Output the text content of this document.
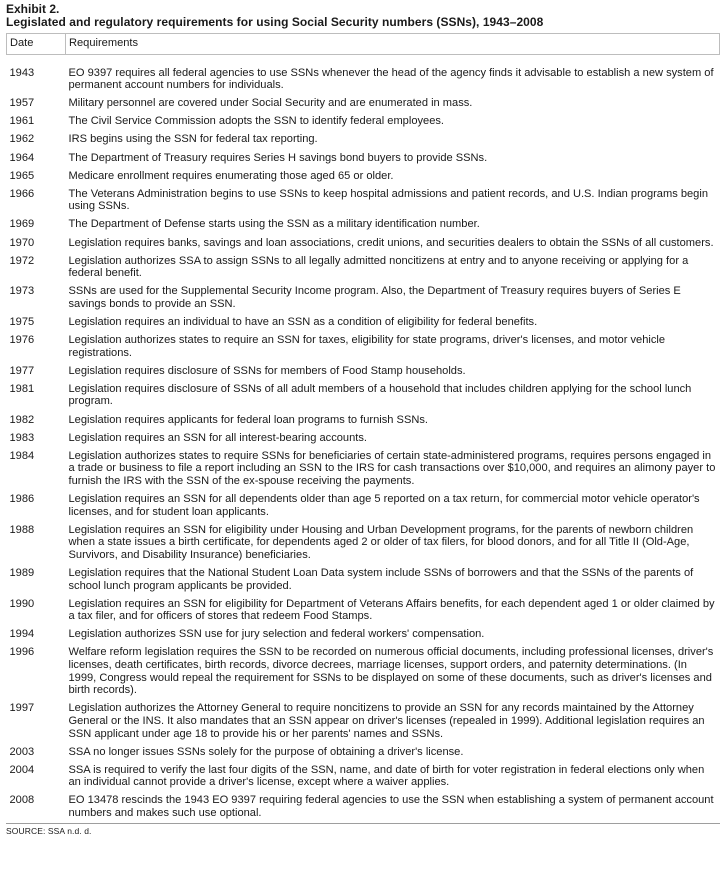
Exhibit 2.
Legislated and regulatory requirements for using Social Security numbers (SSNs), 1943–2008
Date	Requirements
1943	EO 9397 requires all federal agencies to use SSNs whenever the head of the agency finds it advisable to establish a new system of permanent account numbers for individuals.
1957	Military personnel are covered under Social Security and are enumerated in mass.
1961	The Civil Service Commission adopts the SSN to identify federal employees.
1962	IRS begins using the SSN for federal tax reporting.
1964	The Department of Treasury requires Series H savings bond buyers to provide SSNs.
1965	Medicare enrollment requires enumerating those aged 65 or older.
1966	The Veterans Administration begins to use SSNs to keep hospital admissions and patient records, and U.S. Indian programs begin using SSNs.
1969	The Department of Defense starts using the SSN as a military identification number.
1970	Legislation requires banks, savings and loan associations, credit unions, and securities dealers to obtain the SSNs of all customers.
1972	Legislation authorizes SSA to assign SSNs to all legally admitted noncitizens at entry and to anyone receiving or applying for a federal benefit.
1973	SSNs are used for the Supplemental Security Income program. Also, the Department of Treasury requires buyers of Series E savings bonds to provide an SSN.
1975	Legislation requires an individual to have an SSN as a condition of eligibility for federal benefits.
1976	Legislation authorizes states to require an SSN for taxes, eligibility for state programs, driver's licenses, and motor vehicle registrations.
1977	Legislation requires disclosure of SSNs for members of Food Stamp households.
1981	Legislation requires disclosure of SSNs of all adult members of a household that includes children applying for the school lunch program.
1982	Legislation requires applicants for federal loan programs to furnish SSNs.
1983	Legislation requires an SSN for all interest-bearing accounts.
1984	Legislation authorizes states to require SSNs for beneficiaries of certain state-administered programs, requires persons engaged in a trade or business to file a report including an SSN to the IRS for cash transactions over $10,000, and requires an alimony payer to furnish the IRS with the SSN of the ex-spouse receiving the payments.
1986	Legislation requires an SSN for all dependents older than age 5 reported on a tax return, for commercial motor vehicle operator's licenses, and for student loan applicants.
1988	Legislation requires an SSN for eligibility under Housing and Urban Development programs, for the parents of newborn children when a state issues a birth certificate, for dependents aged 2 or older of tax filers, for blood donors, and for all Title II (Old-Age, Survivors, and Disability Insurance) beneficiaries.
1989	Legislation requires that the National Student Loan Data system include SSNs of borrowers and that the SSNs of the parents of school lunch program applicants be provided.
1990	Legislation requires an SSN for eligibility for Department of Veterans Affairs benefits, for each dependent aged 1 or older claimed by a tax filer, and for officers of stores that redeem Food Stamps.
1994	Legislation authorizes SSN use for jury selection and federal workers' compensation.
1996	Welfare reform legislation requires the SSN to be recorded on numerous official documents, including professional licenses, driver's licenses, death certificates, birth records, divorce decrees, marriage licenses, support orders, and paternity determinations. (In 1999, Congress would repeal the requirement for SSNs to be displayed on some of these documents, such as driver's licenses and birth records).
1997	Legislation authorizes the Attorney General to require noncitizens to provide an SSN for any records maintained by the Attorney General or the INS. It also mandates that an SSN appear on driver's licenses (repealed in 1999). Additional legislation requires an SSN applicant under age 18 to provide his or her parents' names and SSNs.
2003	SSA no longer issues SSNs solely for the purpose of obtaining a driver's license.
2004	SSA is required to verify the last four digits of the SSN, name, and date of birth for voter registration in federal elections only when an individual cannot provide a driver's license, except where a waiver applies.
2008	EO 13478 rescinds the 1943 EO 9397 requiring federal agencies to use the SSN when establishing a system of permanent account numbers and makes such use optional.
SOURCE: SSA n.d. d.
